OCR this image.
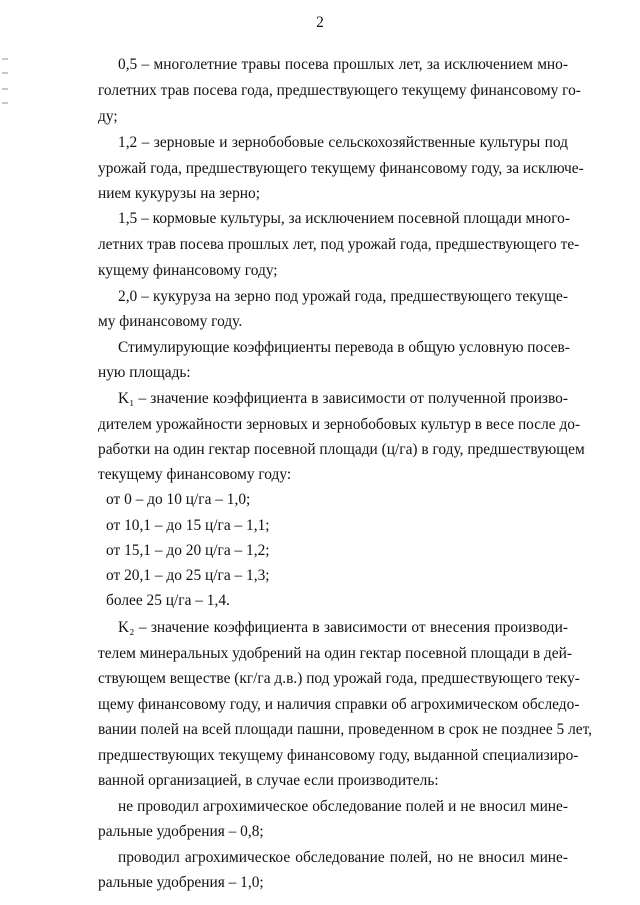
2
0,5 – многолетние травы посева прошлых лет, за исключением мно-
голетних трав посева года, предшествующего текущему финансовому го-
ду;
1,2 – зерновые и зернобобовые сельскохозяйственные культуры под
урожай года, предшествующего текущему финансовому году, за исключе-
нием кукурузы на зерно;
1,5 – кормовые культуры, за исключением посевной площади много-
летних трав посева прошлых лет, под урожай года, предшествующего те-
кущему финансовому году;
2,0 – кукуруза на зерно под урожай года, предшествующего текуще-
му финансовому году.
Стимулирующие коэффициенты перевода в общую условную посев-
ную площадь:
K₁ – значение коэффициента в зависимости от полученной произво-
дителем урожайности зерновых и зернобобовых культур в весе после до-
работки на один гектар посевной площади (ц/га) в году, предшествующем
текущему финансовому году:
от 0 – до 10 ц/га – 1,0;
от 10,1 – до 15 ц/га – 1,1;
от 15,1 – до 20 ц/га – 1,2;
от 20,1 – до 25 ц/га – 1,3;
более 25 ц/га – 1,4.
K₂ – значение коэффициента в зависимости от внесения производи-
телем минеральных удобрений на один гектар посевной площади в дей-
ствующем веществе (кг/га д.в.) под урожай года, предшествующего теку-
щему финансовому году, и наличия справки об агрохимическом обследо-
вании полей на всей площади пашни, проведенном в срок не позднее 5 лет,
предшествующих текущему финансовому году, выданной специализиро-
ванной организацией, в случае если производитель:
не проводил агрохимическое обследование полей и не вносил мине-
ральные удобрения – 0,8;
проводил агрохимическое обследование полей, но не вносил мине-
ральные удобрения – 1,0;
